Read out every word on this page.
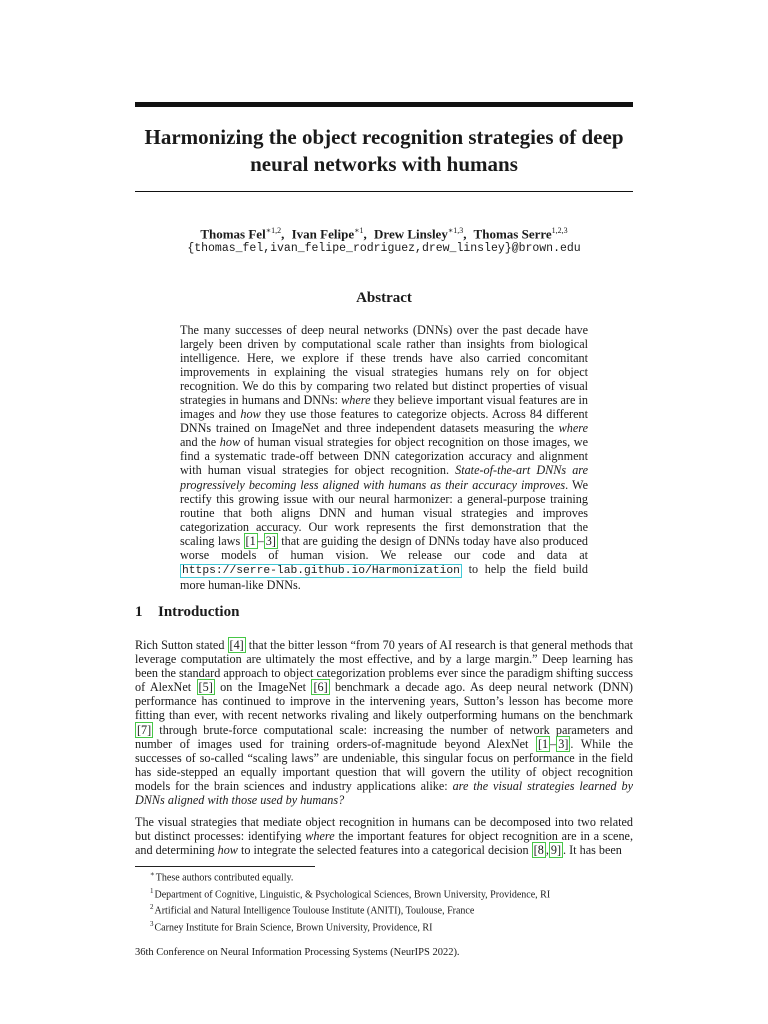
Harmonizing the object recognition strategies of deep
neural networks with humans
Thomas Fel$^{∗1,2}$, Ivan Felipe$^{∗1}$, Drew Linsley$^{∗1,3}$, Thomas Serre$^{1,2,3}$
{thomas_fel,ivan_felipe_rodriguez,drew_linsley}@brown.edu
Abstract

The many successes of deep neural networks (DNNs) over the past decade have largely been driven by computational scale rather than insights from biological intelligence. Here, we explore if these trends have also carried concomitant improvements in explaining the visual strategies humans rely on for object recognition. We do this by comparing two related but distinct properties of visual strategies in humans and DNNs: where they believe important visual features are in images and how they use those features to categorize objects. Across 84 different DNNs trained on ImageNet and three independent datasets measuring the where and the how of human visual strategies for object recognition on those images, we find a systematic trade-off between DNN categorization accuracy and alignment with human visual strategies for object recognition. State-of-the-art DNNs are progressively becoming less aligned with humans as their accuracy improves. We rectify this growing issue with our neural harmonizer: a general-purpose training routine that both aligns DNN and human visual strategies and improves categorization accuracy. Our work represents the first demonstration that the scaling laws [1 – 3] that are guiding the design of DNNs today have also produced worse models of human vision. We release our code and data at https://serre-lab.github.io/Harmonization to help the field build more human-like DNNs.

1 Introduction

Rich Sutton stated [4] that the bitter lesson “from 70 years of AI research is that general methods that leverage computation are ultimately the most effective, and by a large margin.” Deep learning has been the standard approach to object categorization problems ever since the paradigm shifting success of AlexNet [5] on the ImageNet [6] benchmark a decade ago. As deep neural network (DNN) performance has continued to improve in the intervening years, Sutton’s lesson has become more fitting than ever, with recent networks rivaling and likely outperforming humans on the benchmark [7] through brute-force computational scale: increasing the number of network parameters and number of images used for training orders-of-magnitude beyond AlexNet [1 – 3] . While the successes of so-called “scaling laws” are undeniable, this singular focus on performance in the field has side-stepped an equally important question that will govern the utility of object recognition models for the brain sciences and industry applications alike: are the visual strategies learned by DNNs aligned with those used by humans?

The visual strategies that mediate object recognition in humans can be decomposed into two related but distinct processes: identifying where the important features for object recognition are in a scene, and determining how to integrate the selected features into a categorical decision [8 , 9] . It has been

∗These authors contributed equally.
$^1$Department of Cognitive, Linguistic, & Psychological Sciences, Brown University, Providence, RI
$^2$Artificial and Natural Intelligence Toulouse Institute (ANITI), Toulouse, France
$^3$Carney Institute for Brain Science, Brown University, Providence, RI
36th Conference on Neural Information Processing Systems (NeurIPS 2022).
